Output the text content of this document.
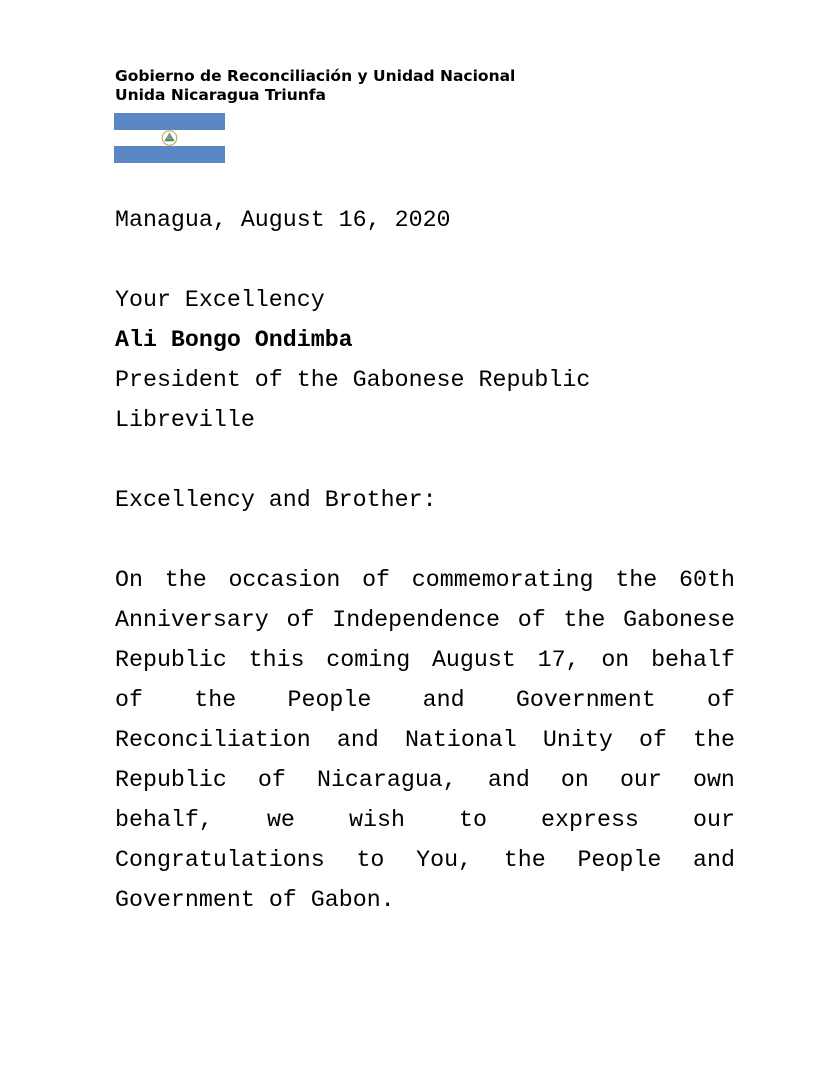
Gobierno de Reconciliación y Unidad Nacional
Unida Nicaragua Triunfa
Managua, August 16, 2020
Your Excellency
Ali Bongo Ondimba
President of the Gabonese Republic
Libreville
Excellency and Brother:
On the occasion of commemorating the 60th
Anniversary of Independence of the Gabonese
Republic this coming August 17, on behalf
of the People and Government of
Reconciliation and National Unity of the
Republic of Nicaragua, and on our own
behalf, we wish to express our
Congratulations to You, the People and
Government of Gabon.
